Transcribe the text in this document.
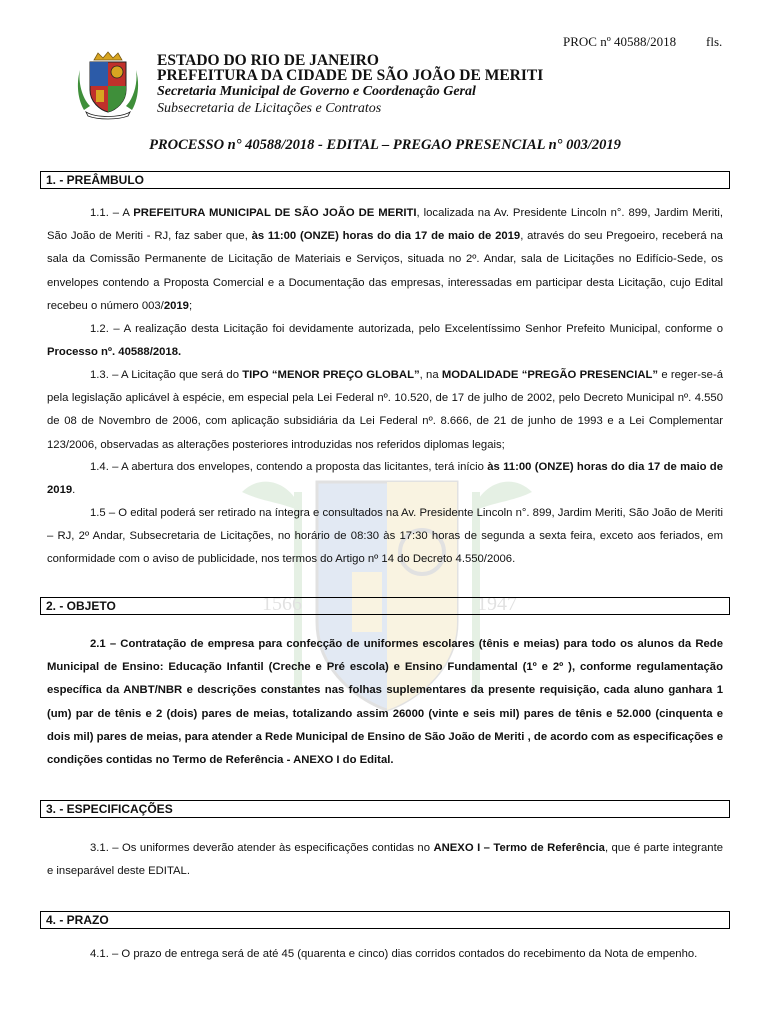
PROC nº 40588/2018 fls.
ESTADO DO RIO DE JANEIRO
PREFEITURA DA CIDADE DE SÃO JOÃO DE MERITI
Secretaria Municipal de Governo e Coordenação Geral
Subsecretaria de Licitações e Contratos
PROCESSO n° 40588/2018 - EDITAL – PREGAO PRESENCIAL n° 003/2019
1566	1947
1. - PREÂMBULO

1.1. – A PREFEITURA MUNICIPAL DE SÃO JOÃO DE MERITI, localizada na Av. Presidente Lincoln n°. 899, Jardim Meriti, São João de Meriti - RJ, faz saber que, às 11:00 (ONZE) horas do dia 17 de maio de 2019, através do seu Pregoeiro, receberá na sala da Comissão Permanente de Licitação de Materiais e Serviços, situada no 2º. Andar, sala de Licitações no Edifício-Sede, os envelopes contendo a Proposta Comercial e a Documentação das empresas, interessadas em participar desta Licitação, cujo Edital recebeu o número 003/2019;

1.2. – A realização desta Licitação foi devidamente autorizada, pelo Excelentíssimo Senhor Prefeito Municipal, conforme o Processo nº. 40588/2018.

1.3. – A Licitação que será do TIPO “MENOR PREÇO GLOBAL”, na MODALIDADE “PREGÃO PRESENCIAL” e reger-se-á pela legislação aplicável à espécie, em especial pela Lei Federal nº. 10.520, de 17 de julho de 2002, pelo Decreto Municipal nº. 4.550 de 08 de Novembro de 2006, com aplicação subsidiária da Lei Federal nº. 8.666, de 21 de junho de 1993 e a Lei Complementar 123/2006, observadas as alterações posteriores introduzidas nos referidos diplomas legais;

1.4. – A abertura dos envelopes, contendo a proposta das licitantes, terá início às 11:00 (ONZE) horas do dia 17 de maio de 2019.

1.5 – O edital poderá ser retirado na íntegra e consultados na Av. Presidente Lincoln n°. 899, Jardim Meriti, São João de Meriti – RJ, 2º Andar, Subsecretaria de Licitações, no horário de 08:30 às 17:30 horas de segunda a sexta feira, exceto aos feriados, em conformidade com o aviso de publicidade, nos termos do Artigo nº 14 do Decreto 4.550/2006.

2. - OBJETO

2.1 – Contratação de empresa para confecção de uniformes escolares (tênis e meias) para todo os alunos da Rede Municipal de Ensino: Educação Infantil (Creche e Pré escola) e Ensino Fundamental (1º e 2º ), conforme regulamentação específica da ANBT/NBR e descrições constantes nas folhas suplementares da presente requisição, cada aluno ganhara 1 (um) par de tênis e 2 (dois) pares de meias, totalizando assim 26000 (vinte e seis mil) pares de tênis e 52.000 (cinquenta e dois mil) pares de meias, para atender a Rede Municipal de Ensino de São João de Meriti , de acordo com as especificações e condições contidas no Termo de Referência - ANEXO I do Edital.

3. - ESPECIFICAÇÕES

3.1. – Os uniformes deverão atender às especificações contidas no ANEXO I – Termo de Referência, que é parte integrante e inseparável deste EDITAL.

4. - PRAZO

4.1. – O prazo de entrega será de até 45 (quarenta e cinco) dias corridos contados do recebimento da Nota de empenho.
